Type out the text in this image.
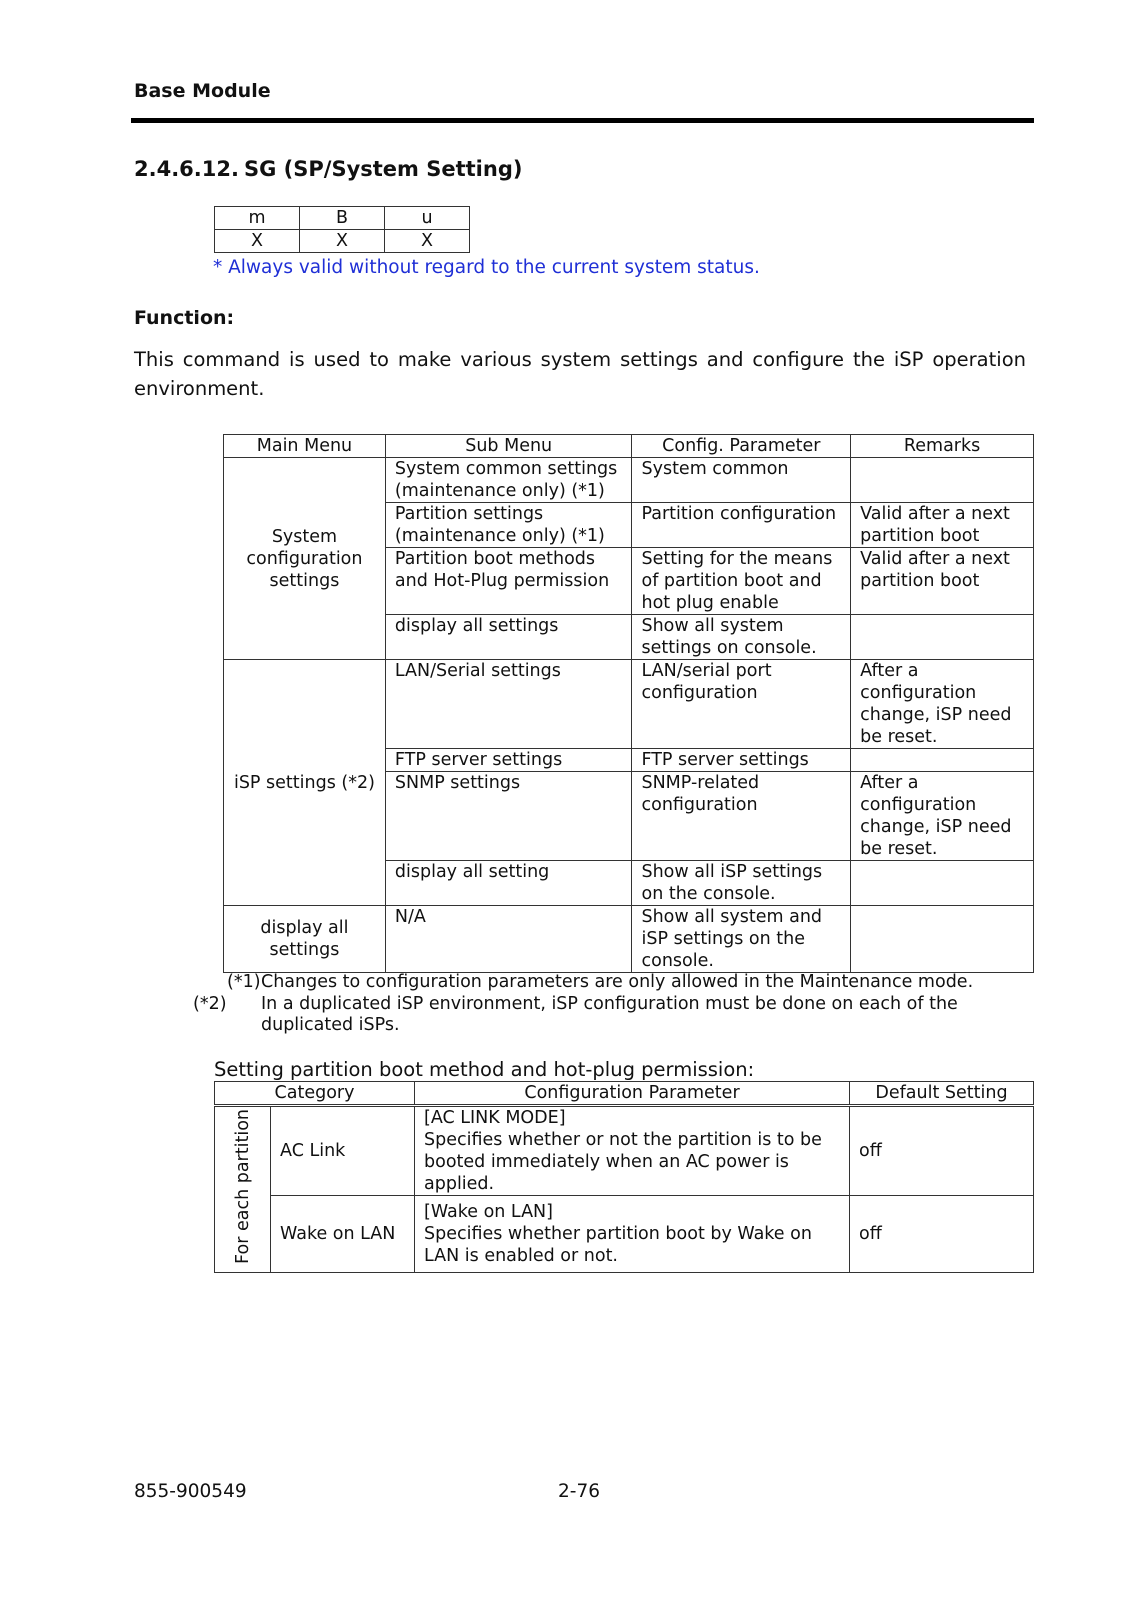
Base Module
2.4.6.12. SG (SP/System Setting)
m	B	u
X	X	X
* Always valid without regard to the current system status.
Function:
This command is used to make various system settings and configure the iSP operation environment.
Main Menu	Sub Menu	Config. Parameter	Remarks
System configuration settings	System common settings (maintenance only) (*1)	System common	
	Partition settings (maintenance only) (*1)	Partition configuration	Valid after a next partition boot
	Partition boot methods and Hot-Plug permission	Setting for the means of partition boot and hot plug enable	Valid after a next partition boot
	display all settings	Show all system settings on console.	
iSP settings (*2)	LAN/Serial settings	LAN/serial port configuration	After a configuration change, iSP need be reset.
	FTP server settings	FTP server settings	
	SNMP settings	SNMP-related configuration	After a configuration change, iSP need be reset.
	display all setting	Show all iSP settings on the console.	
display all settings	N/A	Show all system and iSP settings on the console.	
(*1)Changes to configuration parameters are only allowed in the Maintenance mode.
(*2) In a duplicated iSP environment, iSP configuration must be done on each of the duplicated iSPs.
Setting partition boot method and hot-plug permission:
Category		Configuration Parameter	Default Setting
For each partition	AC Link	[AC LINK MODE]
Specifies whether or not the partition is to be booted immediately when an AC power is applied.	off
	Wake on LAN	[Wake on LAN]
Specifies whether partition boot by Wake on LAN is enabled or not.	off
855-900549	2-76
